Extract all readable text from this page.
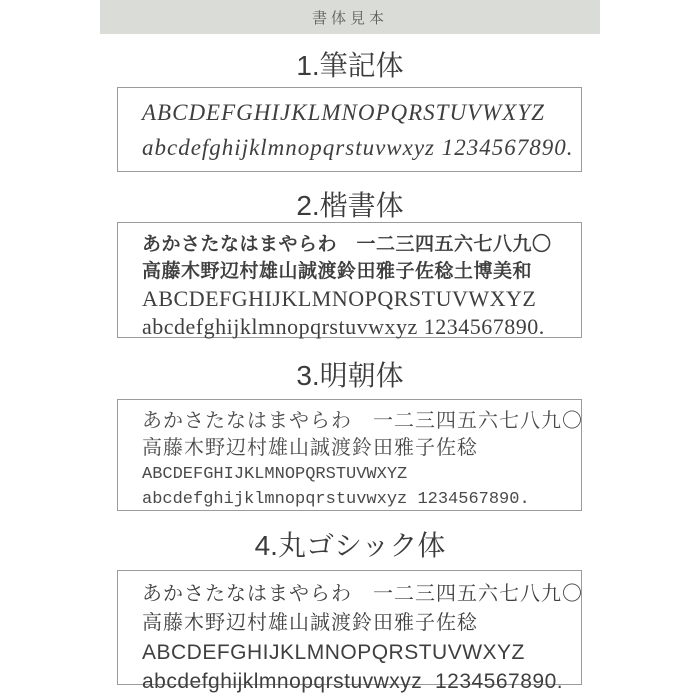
書体見本
1.筆記体
ABCDEFGHIJKLMNOPQRSTUVWXYZ
abcdefghijklmnopqrstuvwxyz 1234567890.
2.楷書体
あかさたなはまやらわ　一二三四五六七八九〇
高藤木野辺村雄山誠渡鈴田雅子佐稔土博美和
ABCDEFGHIJKLMNOPQRSTUVWXYZ
abcdefghijklmnopqrstuvwxyz 1234567890.
3.明朝体
あかさたなはまやらわ　一二三四五六七八九〇
高藤木野辺村雄山誠渡鈴田雅子佐稔
ABCDEFGHIJKLMNOPQRSTUVWXYZ
abcdefghijklmnopqrstuvwxyz 1234567890.
4.丸ゴシック体
あかさたなはまやらわ　一二三四五六七八九〇
高藤木野辺村雄山誠渡鈴田雅子佐稔
ABCDEFGHIJKLMNOPQRSTUVWXYZ
abcdefghijklmnopqrstuvwxyz  1234567890.
